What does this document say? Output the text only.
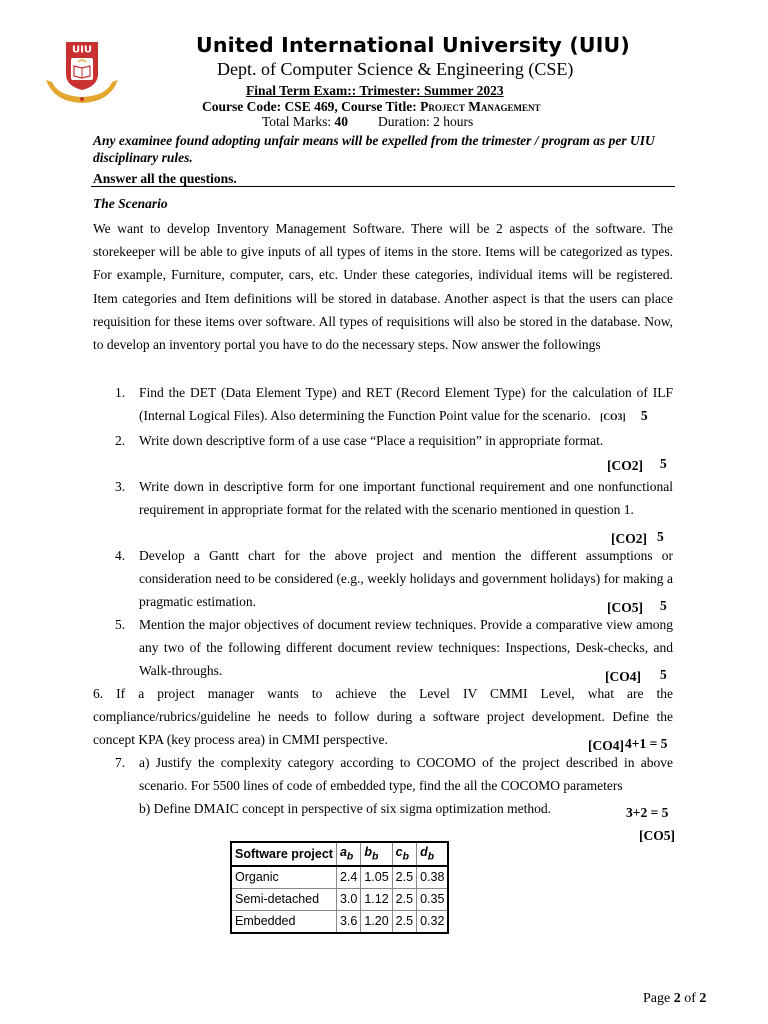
UIU	United International University (UIU)
Dept. of Computer Science & Engineering (CSE)
Final Term Exam:: Trimester: Summer 2023
Course Code: CSE 469, Course Title: Project Management
Total Marks: 40 Duration: 2 hours
Any examinee found adopting unfair means will be expelled from the trimester / program as per UIU disciplinary rules.
Answer all the questions.
The Scenario
We want to develop Inventory Management Software. There will be 2 aspects of the software. The storekeeper will be able to give inputs of all types of items in the store. Items will be categorized as types. For example, Furniture, computer, cars, etc. Under these categories, individual items will be registered. Item categories and Item definitions will be stored in database. Another aspect is that the users can place requisition for these items over software. All types of requisitions will also be stored in the database. Now, to develop an inventory portal you have to do the necessary steps. Now answer the followings
1. Find the DET (Data Element Type) and RET (Record Element Type) for the calculation of ILF (Internal Logical Files). Also determining the Function Point value for the scenario. [CO3] 5
2. Write down descriptive form of a use case “Place a requisition” in appropriate format.
[CO2] 5
3. Write down in descriptive form for one important functional requirement and one nonfunctional requirement in appropriate format for the related with the scenario mentioned in question 1.
[CO2] 5
4. Develop a Gantt chart for the above project and mention the different assumptions or consideration need to be considered (e.g., weekly holidays and government holidays) for making a pragmatic estimation.	[CO5] 5
5. Mention the major objectives of document review techniques. Provide a comparative view among any two of the following different document review techniques: Inspections, Desk-checks, and Walk-throughs.	[CO4] 5
6. If a project manager wants to achieve the Level IV CMMI Level, what are the compliance/rubrics/guideline he needs to follow during a software project development. Define the concept KPA (key process area) in CMMI perspective.	[CO4] 4+1 = 5
7. a) Justify the complexity category according to COCOMO of the project described in above scenario. For 5500 lines of code of embedded type, find the all the COCOMO parameters
b) Define DMAIC concept in perspective of six sigma optimization method.	3+2 = 5
[CO5]
Software project	$a_b$	$b_b$	$c_b$	$d_b$
Organic	2.4	1.05	2.5	0.38
Semi-detached	3.0	1.12	2.5	0.35
Embedded	3.6	1.20	2.5	0.32
Page 2 of 2
